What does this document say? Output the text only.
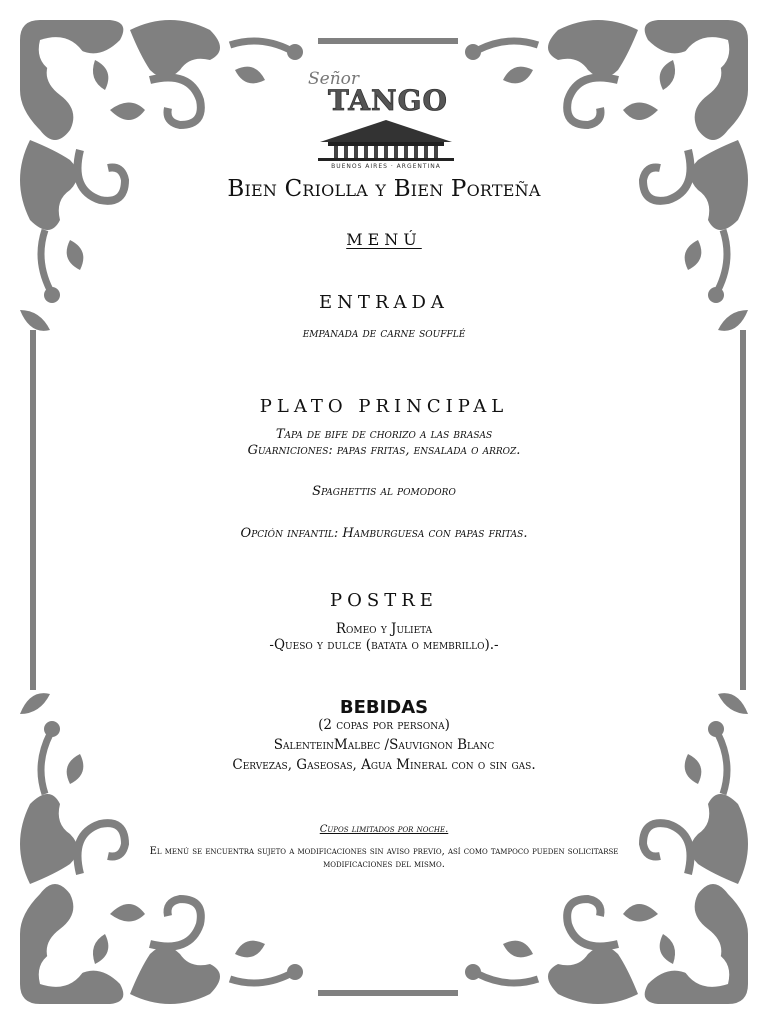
Señor
TANGO
BUENOS AIRES · ARGENTINA
Bien Criolla y Bien Porteña
MENÚ
ENTRADA
empanada de carne soufflé
PLATO PRINCIPAL
Tapa de bife de chorizo a las brasas
Guarniciones: papas fritas, ensalada o arroz.
Spaghettis al pomodoro
Opción infantil: Hamburguesa con papas fritas.
POSTRE
Romeo y Julieta
-Queso y dulce (batata o membrillo).-
BEBIDAS
(2 copas por persona)
SalenteinMalbec /Sauvignon Blanc
Cervezas, Gaseosas, Agua Mineral con o sin gas.
Cupos limitados por noche.
El menú se encuentra sujeto a modificaciones sin aviso previo, así como tampoco pueden solicitarse modificaciones del mismo.
